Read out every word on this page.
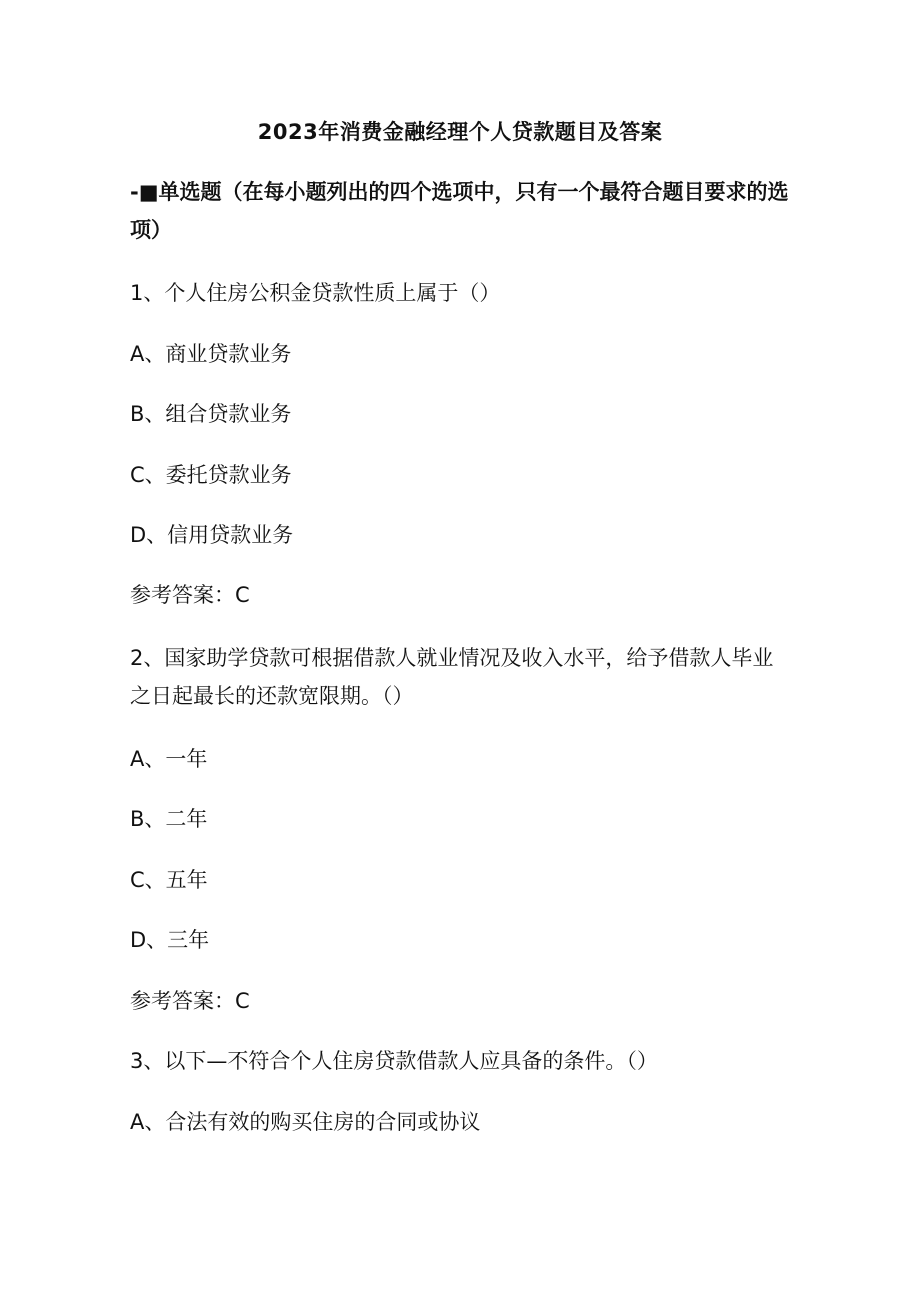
2023年消费金融经理个人贷款题目及答案
-■单选题（在每小题列出的四个选项中，只有一个最符合题目要求的选项）
1、个人住房公积金贷款性质上属于（）
A、商业贷款业务
B、组合贷款业务
C、委托贷款业务
D、信用贷款业务
参考答案：C
2、国家助学贷款可根据借款人就业情况及收入水平，给予借款人毕业之日起最长的还款宽限期。（）
A、一年
B、二年
C、五年
D、三年
参考答案：C
3、以下—不符合个人住房贷款借款人应具备的条件。（）
A、合法有效的购买住房的合同或协议
